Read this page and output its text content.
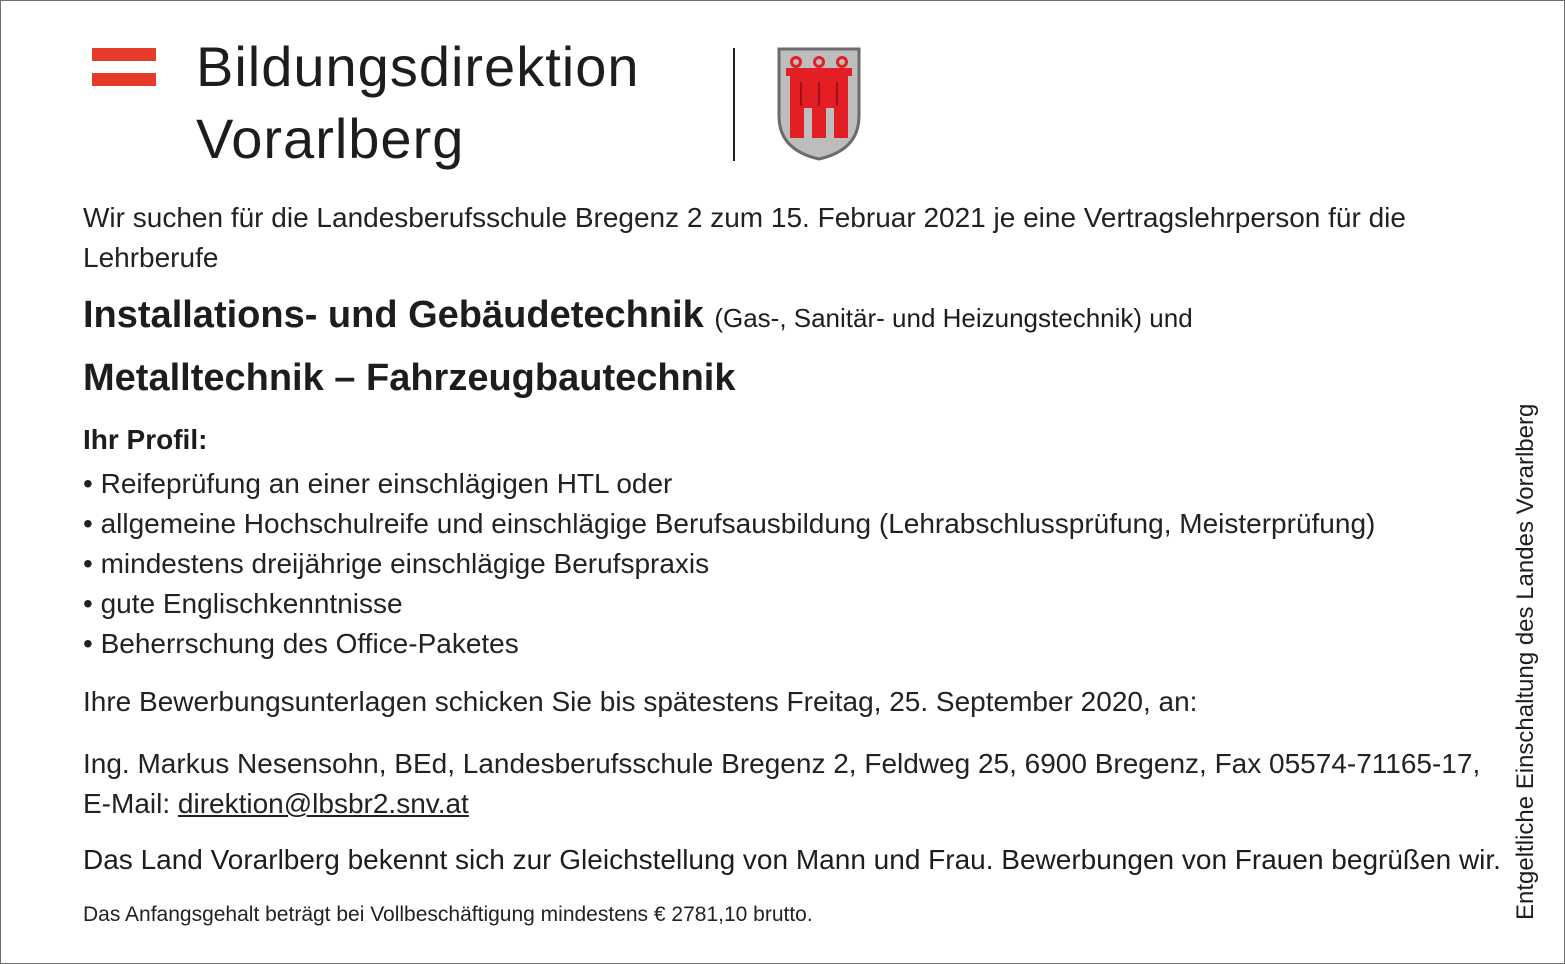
Bildungsdirektion
Vorarlberg
Wir suchen für die Landesberufsschule Bregenz 2 zum 15. Februar 2021 je eine Vertragslehrperson für die Lehrberufe
Installations- und Gebäudetechnik (Gas-, Sanitär- und Heizungstechnik) und
Metalltechnik – Fahrzeugbautechnik
Ihr Profil:
• Reifeprüfung an einer einschlägigen HTL oder
• allgemeine Hochschulreife und einschlägige Berufsausbildung (Lehrabschlussprüfung, Meisterprüfung)
• mindestens dreijährige einschlägige Berufspraxis
• gute Englischkenntnisse
• Beherrschung des Office-Paketes
Ihre Bewerbungsunterlagen schicken Sie bis spätestens Freitag, 25. September 2020, an:
Ing. Markus Nesensohn, BEd, Landesberufsschule Bregenz 2, Feldweg 25, 6900 Bregenz, Fax 05574-71165-17,
E-Mail: direktion@lbsbr2.snv.at
Das Land Vorarlberg bekennt sich zur Gleichstellung von Mann und Frau. Bewerbungen von Frauen begrüßen wir.
Das Anfangsgehalt beträgt bei Vollbeschäftigung mindestens € 2781,10 brutto.	Entgeltliche Einschaltung des Landes Vorarlberg
